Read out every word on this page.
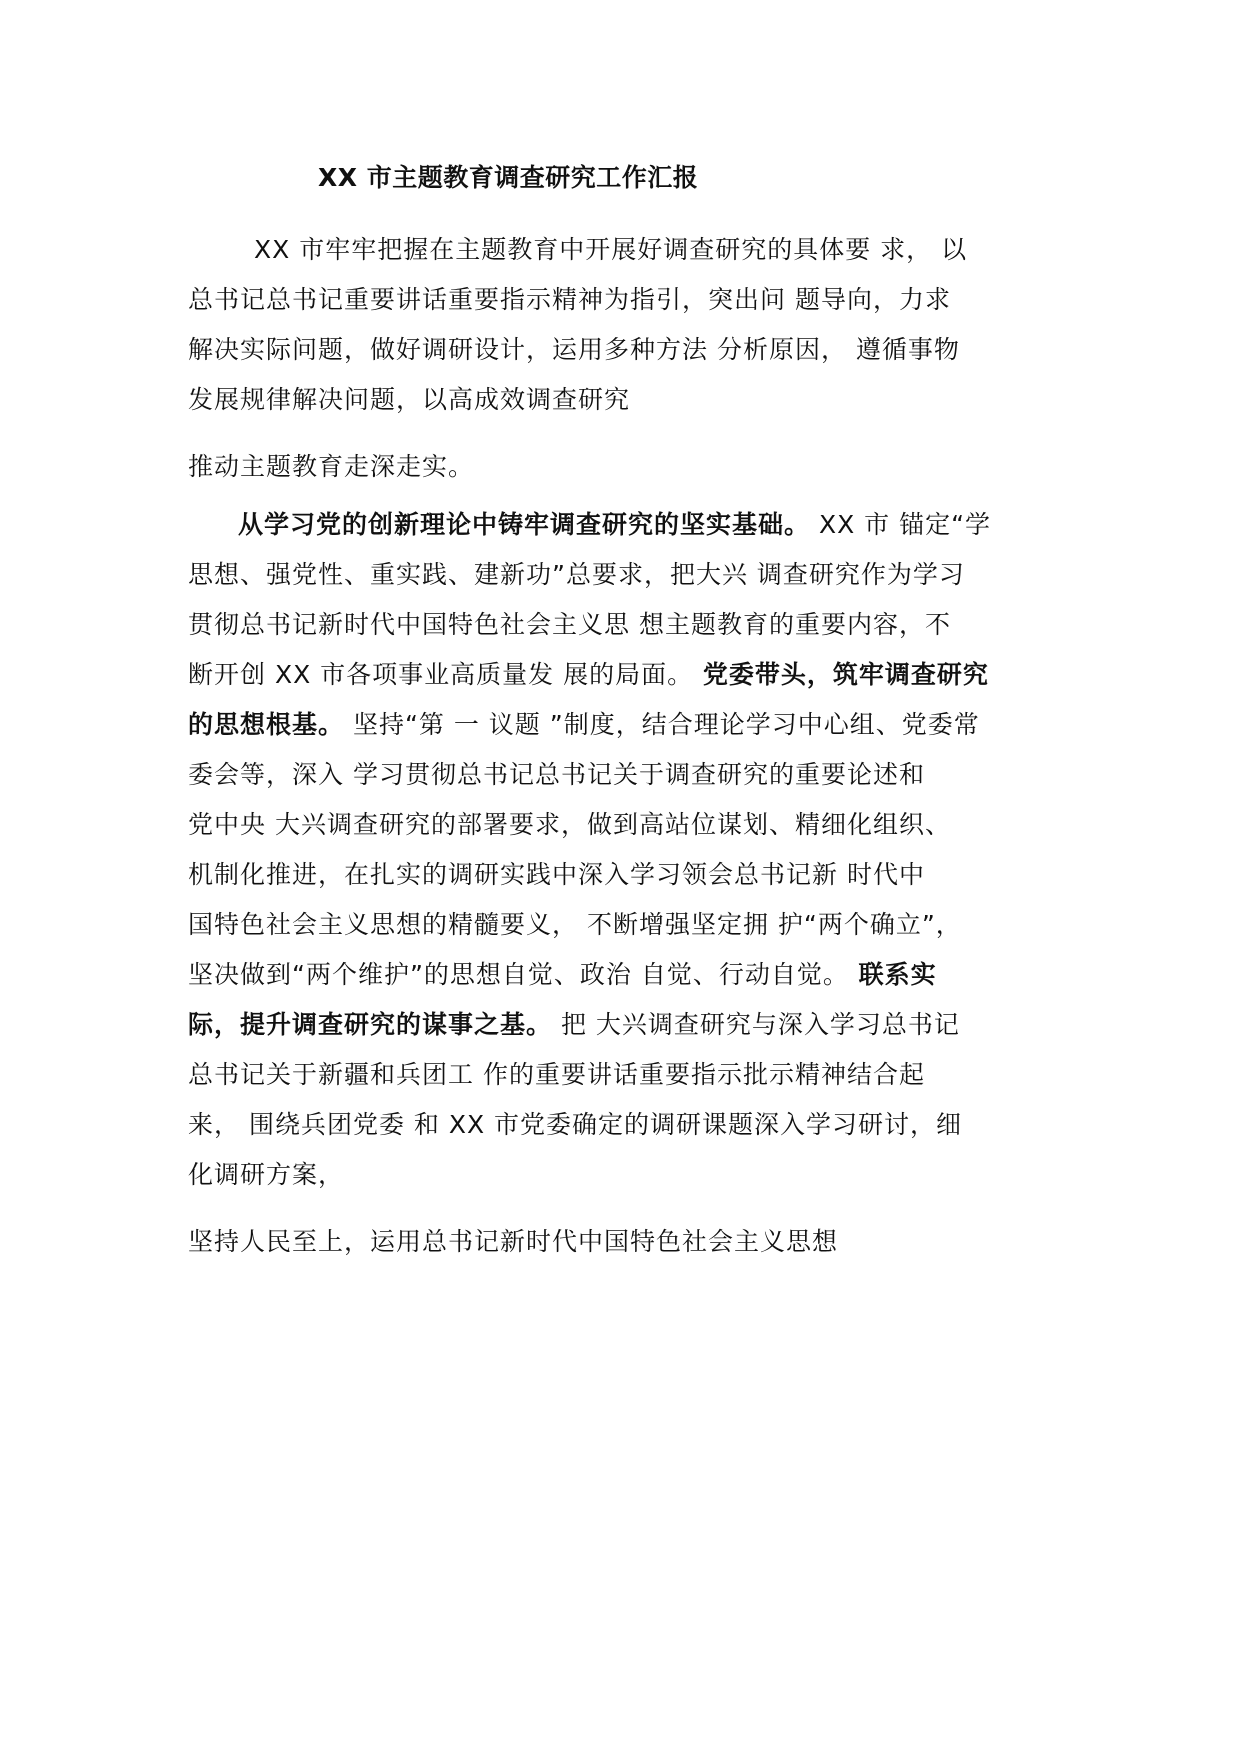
XX 市主题教育调查研究工作汇报
XX 市牢牢把握在主题教育中开展好调查研究的具体要 求， 以
总书记总书记重要讲话重要指示精神为指引，突出问 题导向，力求
解决实际问题，做好调研设计，运用多种方法 分析原因， 遵循事物
发展规律解决问题，以高成效调查研究
推动主题教育走深走实。
从学习党的创新理论中铸牢调查研究的坚实基础。 XX 市 锚定“学
思想、强党性、重实践、建新功”总要求，把大兴 调查研究作为学习
贯彻总书记新时代中国特色社会主义思 想主题教育的重要内容，不
断开创 XX 市各项事业高质量发 展的局面。 党委带头，筑牢调查研究
的思想根基。 坚持“第 一 议题 ”制度，结合理论学习中心组、党委常
委会等，深入 学习贯彻总书记总书记关于调查研究的重要论述和
党中央 大兴调查研究的部署要求，做到高站位谋划、精细化组织、
机制化推进，在扎实的调研实践中深入学习领会总书记新 时代中
国特色社会主义思想的精髓要义， 不断增强坚定拥 护“两个确立”，
坚决做到“两个维护”的思想自觉、政治 自觉、行动自觉。 联系实
际，提升调查研究的谋事之基。 把 大兴调查研究与深入学习总书记
总书记关于新疆和兵团工 作的重要讲话重要指示批示精神结合起
来， 围绕兵团党委 和 XX 市党委确定的调研课题深入学习研讨，细
化调研方案，
坚持人民至上，运用总书记新时代中国特色社会主义思想
